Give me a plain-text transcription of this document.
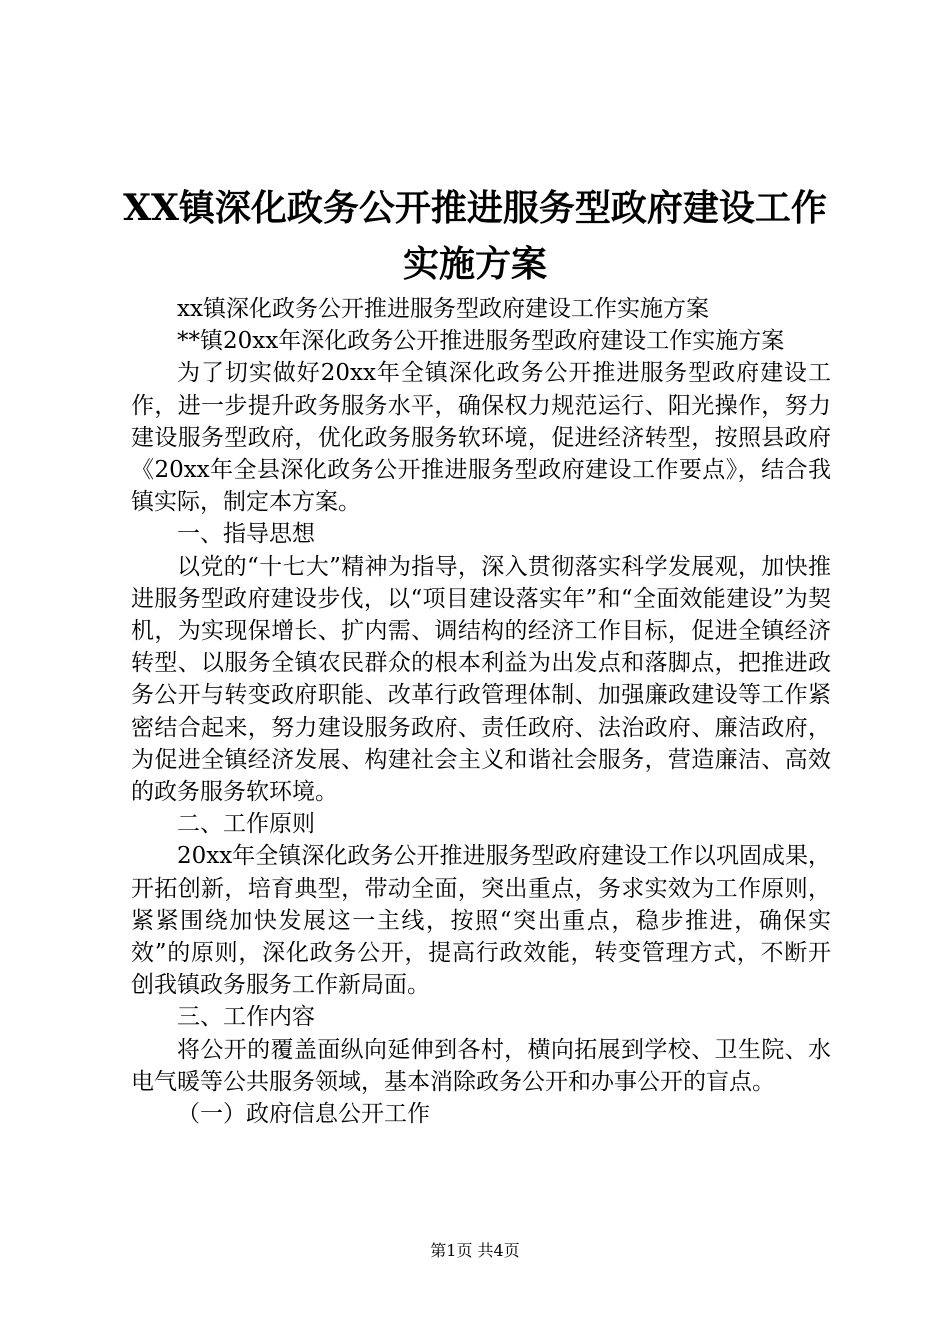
XX镇深化政务公开推进服务型政府建设工作
实施方案

xx镇深化政务公开推进服务型政府建设工作实施方案

**镇20xx年深化政务公开推进服务型政府建设工作实施方案

为了切实做好20xx年全镇深化政务公开推进服务型政府建设工作，进一步提升政务服务水平，确保权力规范运行、阳光操作，努力建设服务型政府，优化政务服务软环境，促进经济转型，按照县政府《20xx年全县深化政务公开推进服务型政府建设工作要点》，结合我镇实际，制定本方案。

一、指导思想

以党的“十七大”精神为指导，深入贯彻落实科学发展观，加快推进服务型政府建设步伐，以“项目建设落实年”和“全面效能建设”为契机，为实现保增长、扩内需、调结构的经济工作目标，促进全镇经济转型、以服务全镇农民群众的根本利益为出发点和落脚点，把推进政务公开与转变政府职能、改革行政管理体制、加强廉政建设等工作紧密结合起来，努力建设服务政府、责任政府、法治政府、廉洁政府，为促进全镇经济发展、构建社会主义和谐社会服务，营造廉洁、高效的政务服务软环境。

二、工作原则

20xx年全镇深化政务公开推进服务型政府建设工作以巩固成果，开拓创新，培育典型，带动全面，突出重点，务求实效为工作原则，紧紧围绕加快发展这一主线，按照“突出重点，稳步推进，确保实效”的原则，深化政务公开，提高行政效能，转变管理方式，不断开创我镇政务服务工作新局面。

三、工作内容

将公开的覆盖面纵向延伸到各村，横向拓展到学校、卫生院、水电气暖等公共服务领域，基本消除政务公开和办事公开的盲点。

（一）政府信息公开工作

第1页 共4页
